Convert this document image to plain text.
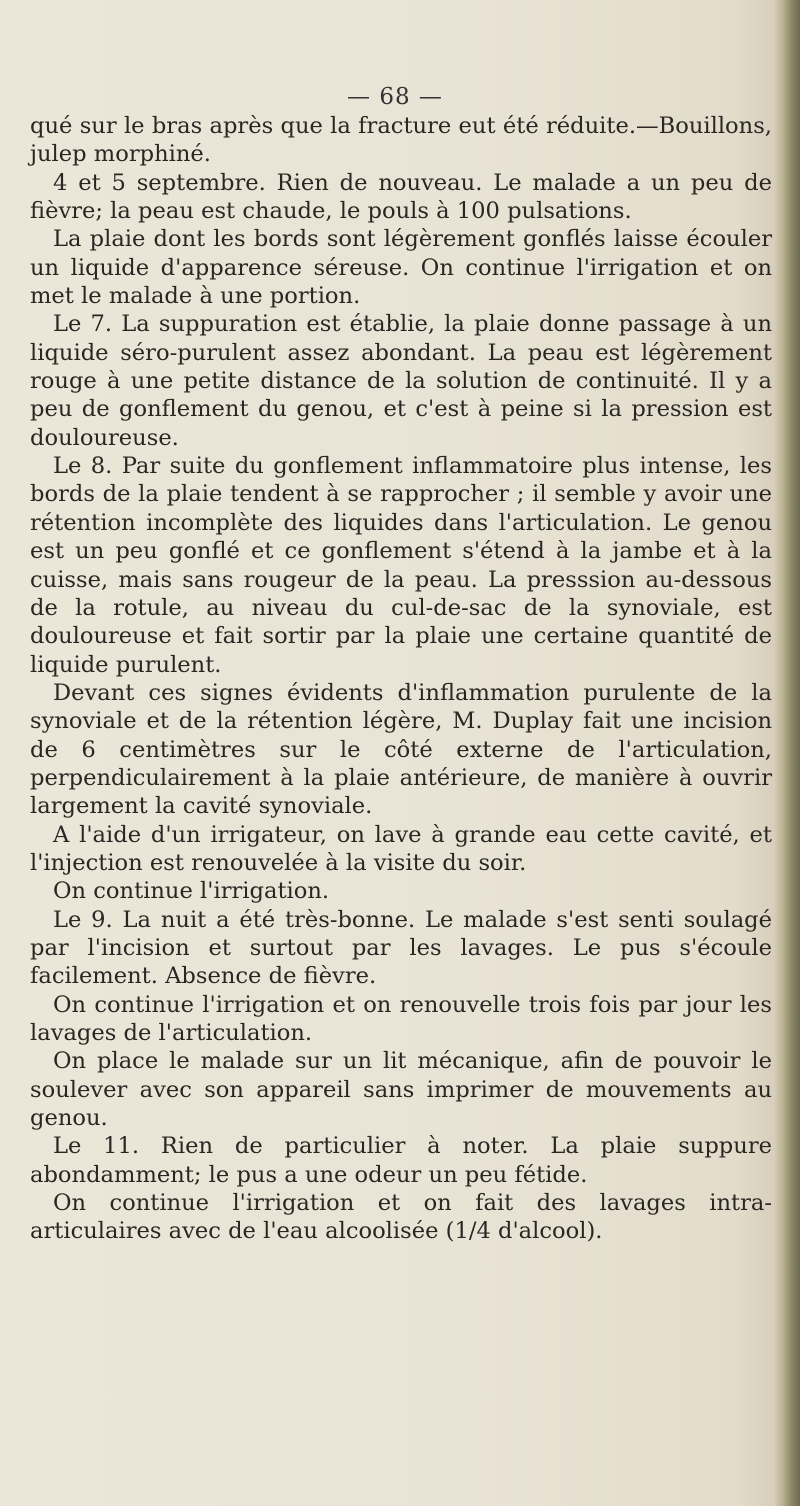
— 68 —

qué sur le bras après que la fracture eut été réduite.—Bouillons, julep morphiné.

4 et 5 septembre. Rien de nouveau. Le malade a un peu de fièvre; la peau est chaude, le pouls à 100 pulsations.

La plaie dont les bords sont légèrement gonflés laisse écouler un liquide d'apparence séreuse. On continue l'irrigation et on met le malade à une portion.

Le 7. La suppuration est établie, la plaie donne passage à un liquide séro-purulent assez abondant. La peau est légèrement rouge à une petite distance de la solution de continuité. Il y a peu de gonflement du genou, et c'est à peine si la pression est douloureuse.

Le 8. Par suite du gonflement inflammatoire plus intense, les bords de la plaie tendent à se rapprocher ; il semble y avoir une rétention incomplète des liquides dans l'articulation. Le genou est un peu gonflé et ce gonflement s'étend à la jambe et à la cuisse, mais sans rougeur de la peau. La presssion au-dessous de la rotule, au niveau du cul-de-sac de la synoviale, est douloureuse et fait sortir par la plaie une certaine quantité de liquide purulent.

Devant ces signes évidents d'inflammation purulente de la synoviale et de la rétention légère, M. Duplay fait une incision de 6 centimètres sur le côté externe de l'articulation, perpendiculairement à la plaie antérieure, de manière à ouvrir largement la cavité synoviale.

A l'aide d'un irrigateur, on lave à grande eau cette cavité, et l'injection est renouvelée à la visite du soir.

On continue l'irrigation.

Le 9. La nuit a été très-bonne. Le malade s'est senti soulagé par l'incision et surtout par les lavages. Le pus s'écoule facilement. Absence de fièvre.

On continue l'irrigation et on renouvelle trois fois par jour les lavages de l'articulation.

On place le malade sur un lit mécanique, afin de pouvoir le soulever avec son appareil sans imprimer de mouvements au genou.

Le 11. Rien de particulier à noter. La plaie suppure abondamment; le pus a une odeur un peu fétide.

On continue l'irrigation et on fait des lavages intra-articulaires avec de l'eau alcoolisée (1/4 d'alcool).
